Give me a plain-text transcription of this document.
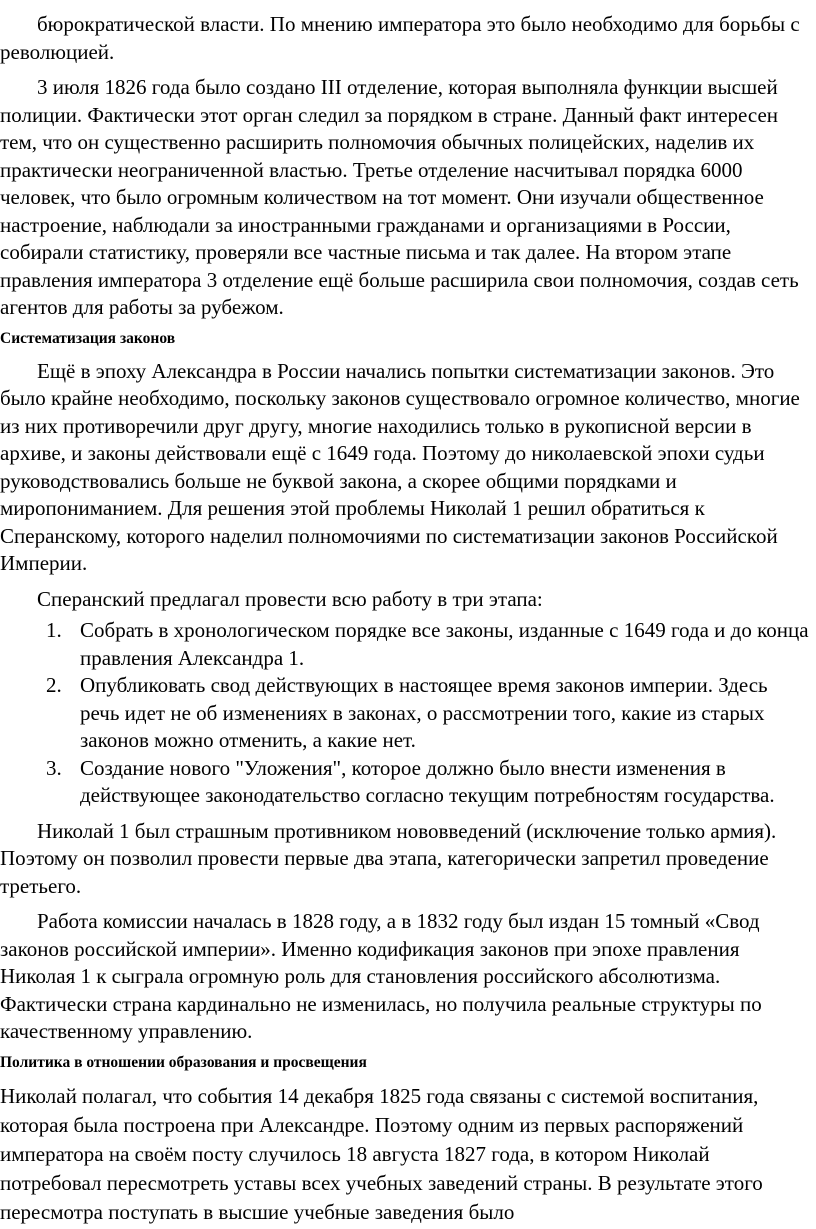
бюрократической власти. По мнению императора это было необходимо для борьбы с революцией.

3 июля 1826 года было создано III отделение, которая выполняла функции высшей полиции. Фактически этот орган следил за порядком в стране. Данный факт интересен тем, что он существенно расширить полномочия обычных полицейских, наделив их практически неограниченной властью. Третье отделение насчитывал порядка 6000 человек, что было огромным количеством на тот момент. Они изучали общественное настроение, наблюдали за иностранными гражданами и организациями в России, собирали статистику, проверяли все частные письма и так далее. На втором этапе правления императора 3 отделение ещё больше расширила свои полномочия, создав сеть агентов для работы за рубежом.

Систематизация законов

Ещё в эпоху Александра в России начались попытки систематизации законов. Это было крайне необходимо, поскольку законов существовало огромное количество, многие из них противоречили друг другу, многие находились только в рукописной версии в архиве, и законы действовали ещё с 1649 года. Поэтому до николаевской эпохи судьи руководствовались больше не буквой закона, а скорее общими порядками и миропониманием. Для решения этой проблемы Николай 1 решил обратиться к Сперанскому, которого наделил полномочиями по систематизации законов Российской Империи.

Сперанский предлагал провести всю работу в три этапа:

1. Собрать в хронологическом порядке все законы, изданные с 1649 года и до конца правления Александра 1.
2. Опубликовать свод действующих в настоящее время законов империи. Здесь речь идет не об изменениях в законах, о рассмотрении того, какие из старых законов можно отменить, а какие нет.
3. Создание нового "Уложения", которое должно было внести изменения в действующее законодательство согласно текущим потребностям государства.

Николай 1 был страшным противником нововведений (исключение только армия). Поэтому он позволил провести первые два этапа, категорически запретил проведение третьего.

Работа комиссии началась в 1828 году, а в 1832 году был издан 15 томный «Свод законов российской империи». Именно кодификация законов при эпохе правления Николая 1 к сыграла огромную роль для становления российского абсолютизма. Фактически страна кардинально не изменилась, но получила реальные структуры по качественному управлению.

Политика в отношении образования и просвещения

Николай полагал, что события 14 декабря 1825 года связаны с системой воспитания, которая была построена при Александре. Поэтому одним из первых распоряжений императора на своём посту случилось 18 августа 1827 года, в котором Николай потребовал пересмотреть уставы всех учебных заведений страны. В результате этого пересмотра поступать в высшие учебные заведения было
